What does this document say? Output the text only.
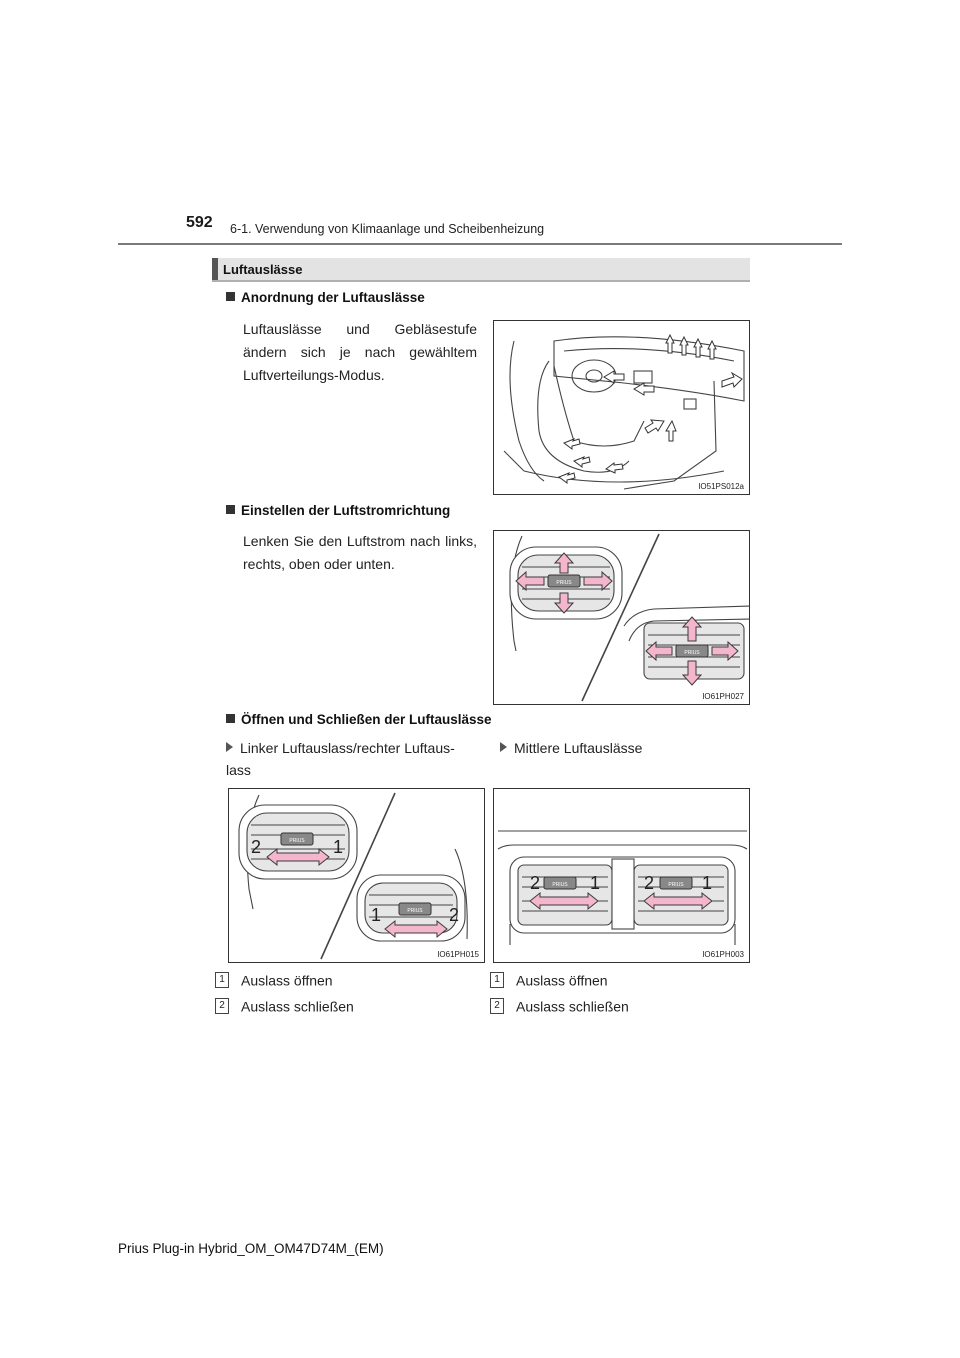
592 6-1. Verwendung von Klimaanlage und Scheibenheizung
Luftauslässe
Anordnung der Luftauslässe
Luftauslässe und Gebläsestufe ändern sich je nach gewähltem Luftverteilungs-Modus.
IO51PS012a
Einstellen der Luftstromrichtung
Lenken Sie den Luftstrom nach links, rechts, oben oder unten.
PRIUS
PRIUS
IO61PH027
Öffnen und Schließen der Luftauslässe
Linker Luftauslass/rechter Luftaus-lass
Mittlere Luftauslässe
PRIUS
PRIUS
2	1
1	2
IO61PH015
PRIUS	PRIUS
2	1 2	1
IO61PH003
1 Auslass öffnen
2 Auslass schließen
1 Auslass öffnen
2 Auslass schließen
Prius Plug-in Hybrid_OM_OM47D74M_(EM)
